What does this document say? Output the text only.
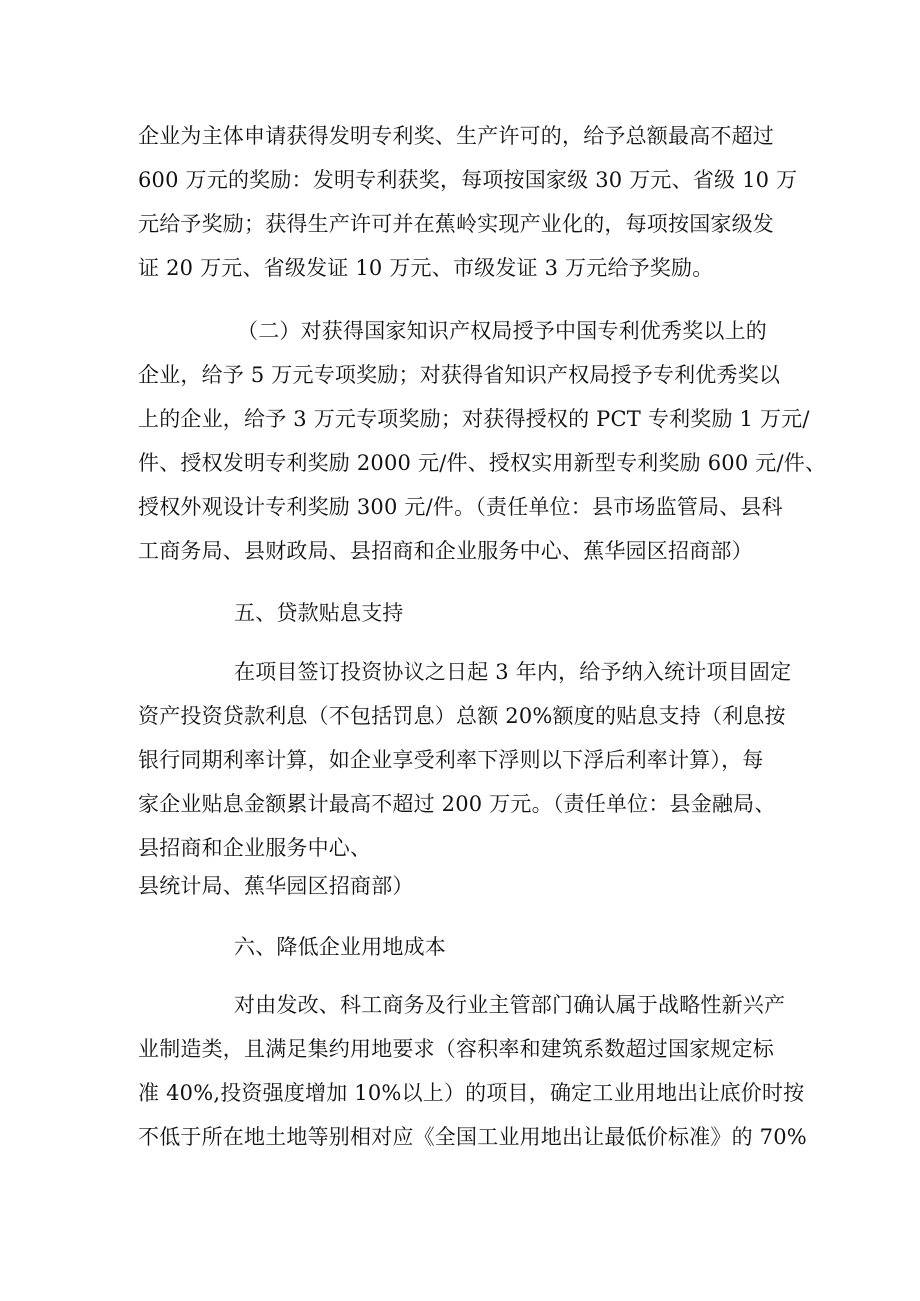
企业为主体申请获得发明专利奖、生产许可的，给予总额最高不超过
600 万元的奖励：发明专利获奖，每项按国家级 30 万元、省级 10 万
元给予奖励；获得生产许可并在蕉岭实现产业化的，每项按国家级发
证 20 万元、省级发证 10 万元、市级发证 3 万元给予奖励。
（二）对获得国家知识产权局授予中国专利优秀奖以上的
企业，给予 5 万元专项奖励；对获得省知识产权局授予专利优秀奖以
上的企业，给予 3 万元专项奖励；对获得授权的 PCT 专利奖励 1 万元/
件、授权发明专利奖励 2000 元/件、授权实用新型专利奖励 600 元/件、
授权外观设计专利奖励 300 元/件。（责任单位：县市场监管局、县科
工商务局、县财政局、县招商和企业服务中心、蕉华园区招商部）
五、贷款贴息支持
在项目签订投资协议之日起 3 年内，给予纳入统计项目固定
资产投资贷款利息（不包括罚息）总额 20%额度的贴息支持（利息按
银行同期利率计算，如企业享受利率下浮则以下浮后利率计算），每
家企业贴息金额累计最高不超过 200 万元。（责任单位：县金融局、
县招商和企业服务中心、
县统计局、蕉华园区招商部）
六、降低企业用地成本
对由发改、科工商务及行业主管部门确认属于战略性新兴产
业制造类，且满足集约用地要求（容积率和建筑系数超过国家规定标
准 40%,投资强度增加 10%以上）的项目，确定工业用地出让底价时按
不低于所在地土地等别相对应《全国工业用地出让最低价标准》的 70%
